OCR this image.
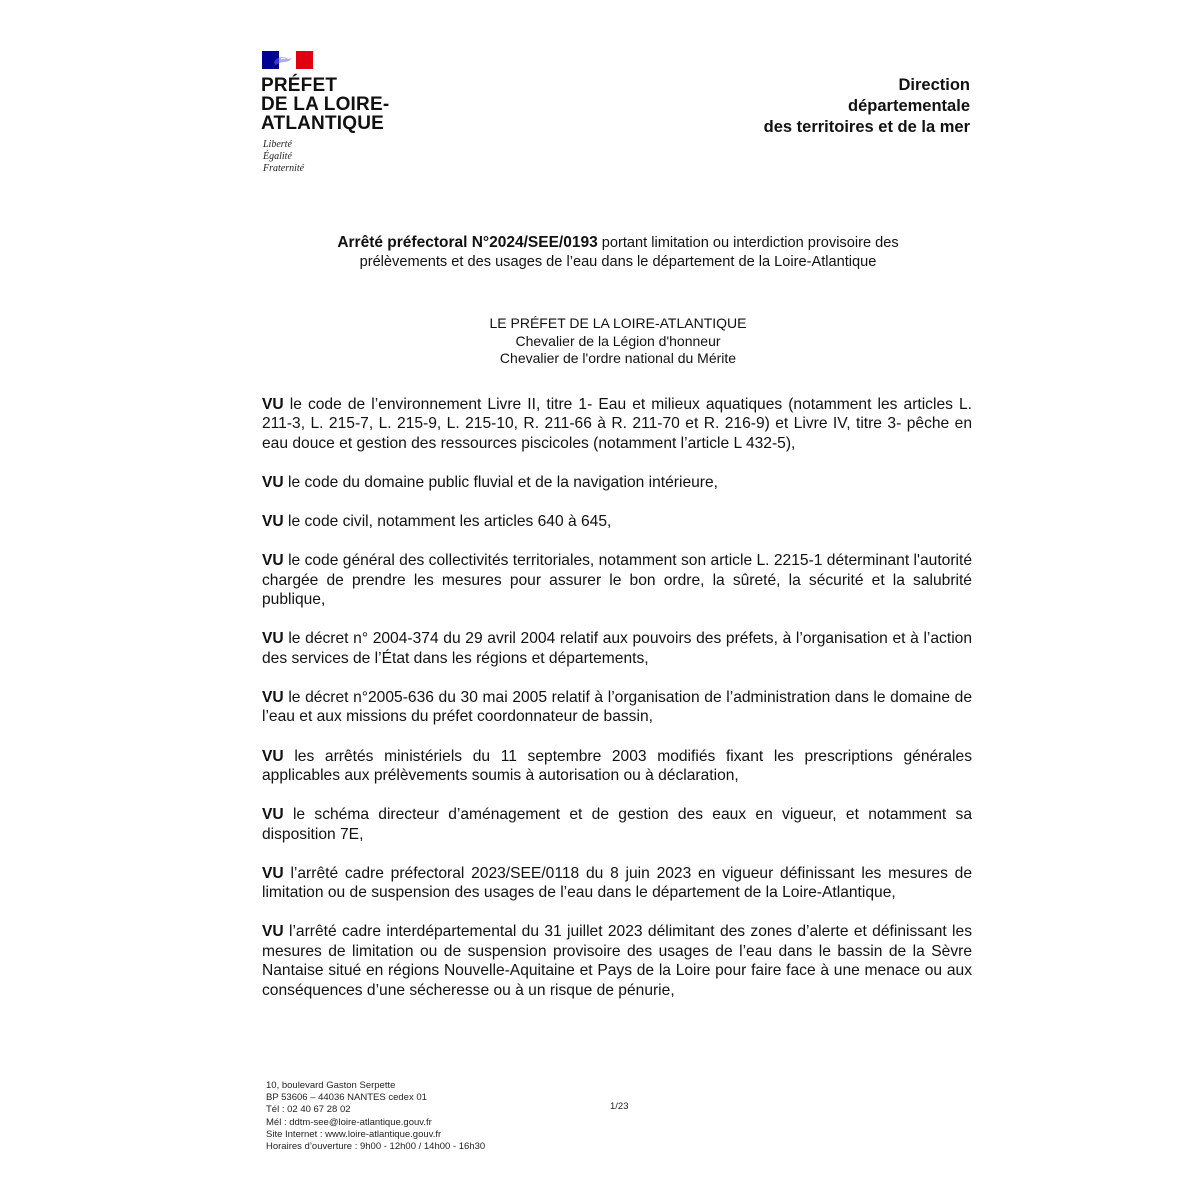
PRÉFET
DE LA LOIRE-
ATLANTIQUE
Liberté
Égalité
Fraternité
Direction
départementale
des territoires et de la mer
Arrêté préfectoral N°2024/SEE/0193 portant limitation ou interdiction provisoire des
prélèvements et des usages de l’eau dans le département de la Loire-Atlantique
LE PRÉFET DE LA LOIRE-ATLANTIQUE
Chevalier de la Légion d'honneur
Chevalier de l'ordre national du Mérite

VU le code de l’environnement Livre II, titre 1- Eau et milieux aquatiques (notamment les articles L. 211-3, L. 215-7, L. 215-9, L. 215-10, R. 211-66 à R. 211-70 et R. 216-9) et Livre IV, titre 3- pêche en eau douce et gestion des ressources piscicoles (notamment l’article L 432-5),

VU le code du domaine public fluvial et de la navigation intérieure,

VU le code civil, notamment les articles 640 à 645,

VU le code général des collectivités territoriales, notamment son article L. 2215-1 déterminant l'autorité chargée de prendre les mesures pour assurer le bon ordre, la sûreté, la sécurité et la salubrité publique,

VU le décret n° 2004-374 du 29 avril 2004 relatif aux pouvoirs des préfets, à l’organisation et à l’action des services de l’État dans les régions et départements,

VU le décret n°2005-636 du 30 mai 2005 relatif à l’organisation de l’administration dans le domaine de l’eau et aux missions du préfet coordonnateur de bassin,

VU les arrêtés ministériels du 11 septembre 2003 modifiés fixant les prescriptions générales applicables aux prélèvements soumis à autorisation ou à déclaration,

VU le schéma directeur d’aménagement et de gestion des eaux en vigueur, et notamment sa disposition 7E,

VU l’arrêté cadre préfectoral 2023/SEE/0118 du 8 juin 2023 en vigueur définissant les mesures de limitation ou de suspension des usages de l’eau dans le département de la Loire-Atlantique,

VU l’arrêté cadre interdépartemental du 31 juillet 2023 délimitant des zones d’alerte et définissant les mesures de limitation ou de suspension provisoire des usages de l’eau dans le bassin de la Sèvre Nantaise situé en régions Nouvelle-Aquitaine et Pays de la Loire pour faire face à une menace ou aux conséquences d’une sécheresse ou à un risque de pénurie,

10, boulevard Gaston Serpette
BP 53606 – 44036 NANTES cedex 01
Tél : 02 40 67 28 02
Mél : ddtm-see@loire-atlantique.gouv.fr
Site Internet : www.loire-atlantique.gouv.fr
Horaires d’ouverture : 9h00 - 12h00 / 14h00 - 16h30
1/23
